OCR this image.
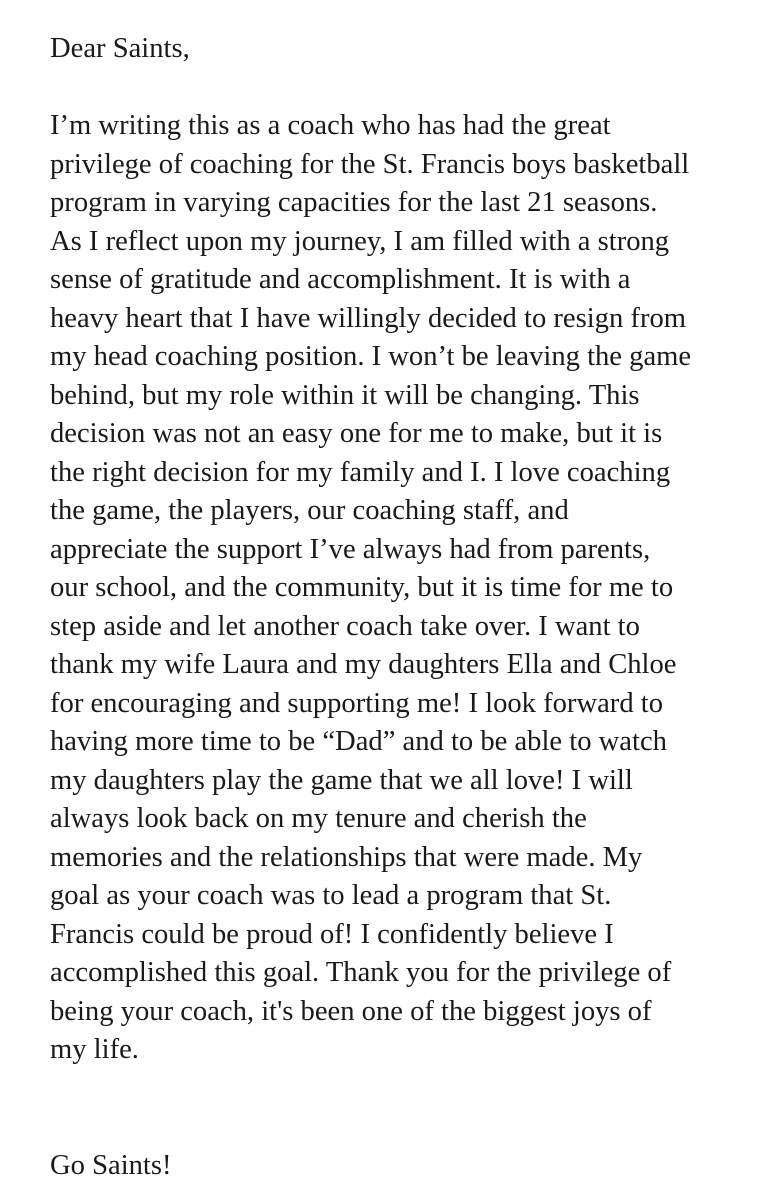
Dear Saints,

I’m writing this as a coach who has had the great
privilege of coaching for the St. Francis boys basketball
program in varying capacities for the last 21 seasons.
As I reflect upon my journey, I am filled with a strong
sense of gratitude and accomplishment. It is with a
heavy heart that I have willingly decided to resign from
my head coaching position. I won’t be leaving the game
behind, but my role within it will be changing. This
decision was not an easy one for me to make, but it is
the right decision for my family and I. I love coaching
the game, the players, our coaching staff, and
appreciate the support I’ve always had from parents,
our school, and the community, but it is time for me to
step aside and let another coach take over. I want to
thank my wife Laura and my daughters Ella and Chloe
for encouraging and supporting me! I look forward to
having more time to be “Dad” and to be able to watch
my daughters play the game that we all love! I will
always look back on my tenure and cherish the
memories and the relationships that were made. My
goal as your coach was to lead a program that St.
Francis could be proud of! I confidently believe I
accomplished this goal. Thank you for the privilege of
being your coach, it's been one of the biggest joys of
my life.

Go Saints!
